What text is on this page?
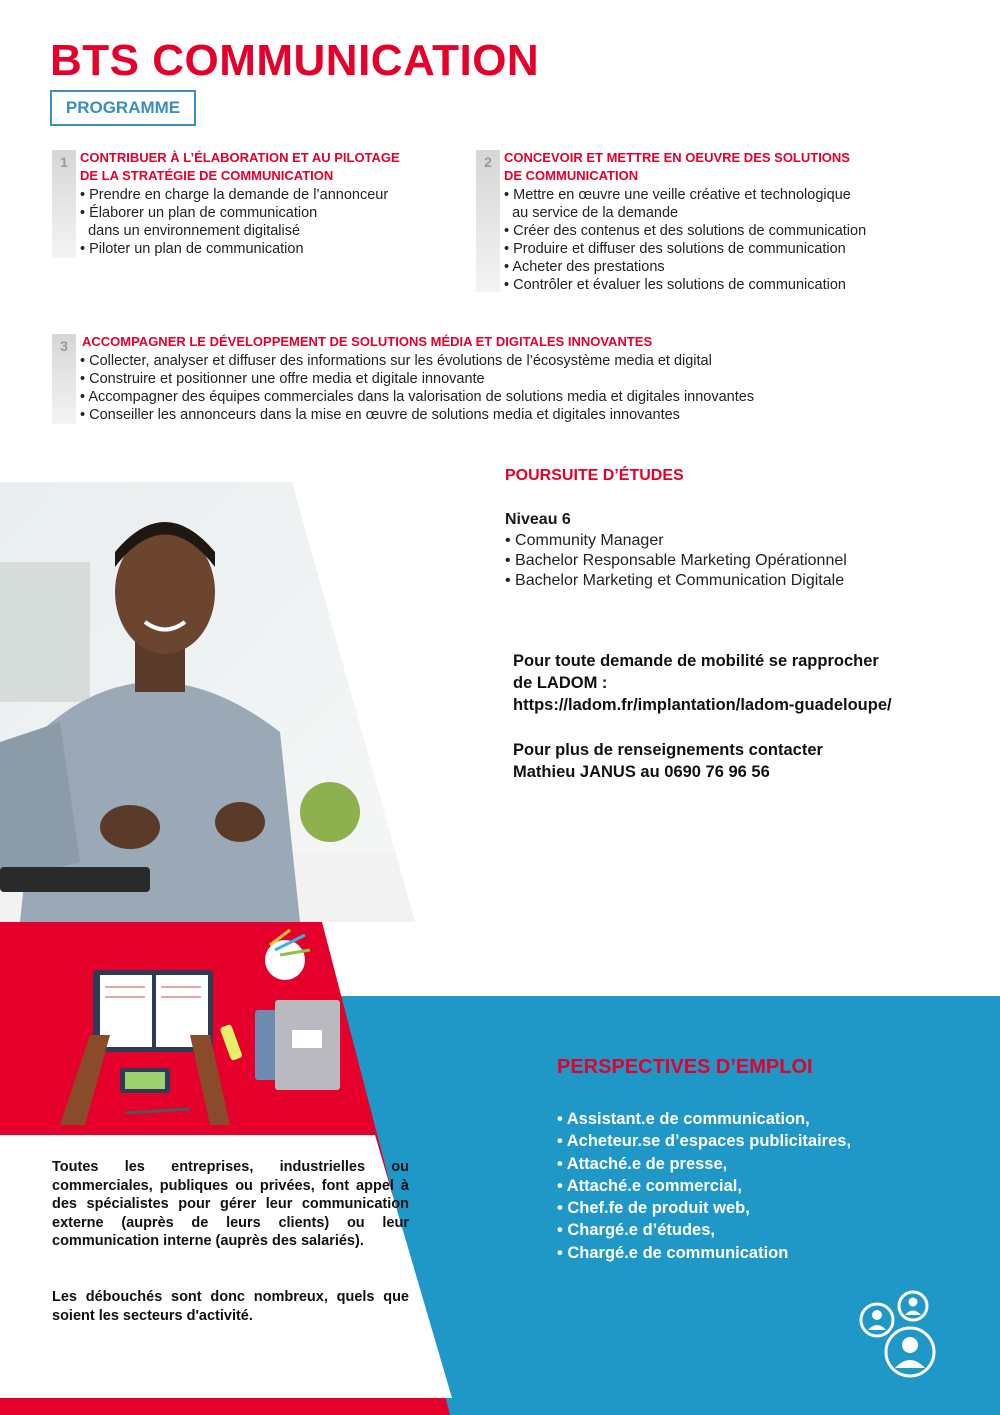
BTS COMMUNICATION
PROGRAMME
1 CONTRIBUER À L’ÉLABORATION ET AU PILOTAGE
DE LA STRATÉGIE DE COMMUNICATION
• Prendre en charge la demande de l’annonceur
• Élaborer un plan de communication
dans un environnement digitalisé
• Piloter un plan de communication
2 CONCEVOIR ET METTRE EN OEUVRE DES SOLUTIONS
DE COMMUNICATION
• Mettre en œuvre une veille créative et technologique
au service de la demande
• Créer des contenus et des solutions de communication
• Produire et diffuser des solutions de communication
• Acheter des prestations
• Contrôler et évaluer les solutions de communication
3	ACCOMPAGNER LE DÉVELOPPEMENT DE SOLUTIONS MÉDIA ET DIGITALES INNOVANTES
• Collecter, analyser et diffuser des informations sur les évolutions de l’écosystème media et digital
• Construire et positionner une offre media et digitale innovante
• Accompagner des équipes commerciales dans la valorisation de solutions media et digitales innovantes
• Conseiller les annonceurs dans la mise en œuvre de solutions media et digitales innovantes
POURSUITE D’ÉTUDES
Niveau 6
• Community Manager
• Bachelor Responsable Marketing Opérationnel
• Bachelor Marketing et Communication Digitale
Pour toute demande de mobilité se rapprocher
de LADOM :
https://ladom.fr/implantation/ladom-guadeloupe/
Pour plus de renseignements contacter
Mathieu JANUS au 0690 76 96 56
Toutes les entreprises, industrielles ou commerciales, publiques ou privées, font appel à des spécialistes pour gérer leur communication externe (auprès de leurs clients) ou leur communication interne (auprès des salariés).
Les débouchés sont donc nombreux, quels que soient les secteurs d'activité.
PERSPECTIVES D’EMPLOI
• Assistant.e de communication,
• Acheteur.se d’espaces publicitaires,
• Attaché.e de presse,
• Attaché.e commercial,
• Chef.fe de produit web,
• Chargé.e d’études,
• Chargé.e de communication
